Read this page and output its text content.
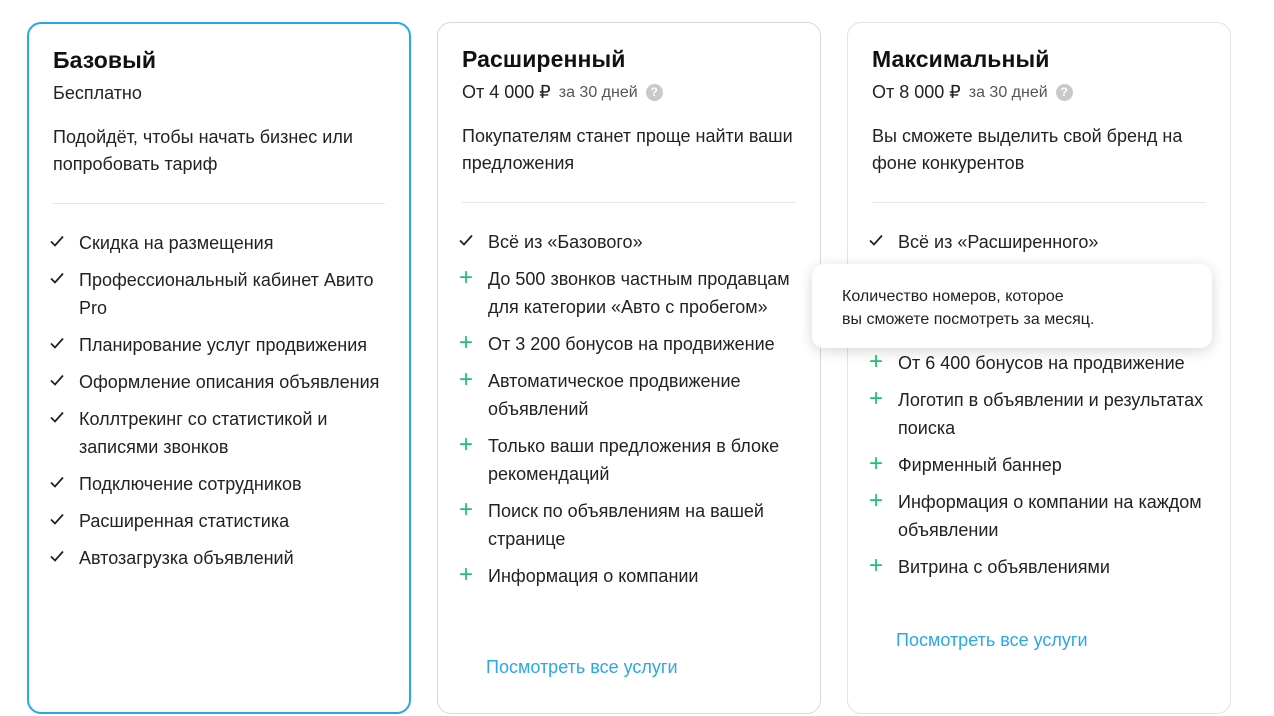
Базовый
Бесплатно
Подойдёт, чтобы начать бизнес или попробовать тариф
Скидка на размещения
Профессиональный кабинет Авито Pro
Планирование услуг продвижения
Оформление описания объявления
Коллтрекинг со статистикой и записями звонков
Подключение сотрудников
Расширенная статистика
Автозагрузка объявлений
Расширенный
От 4 000 ₽ за 30 дней	?
Покупателям станет проще найти ваши предложения
Всё из «Базового»
+ До 500 звонков частным продавцам для категории «Авто с пробегом»
+ От 3 200 бонусов на продвижение
+ Автоматическое продвижение объявлений
+ Только ваши предложения в блоке рекомендаций
+ Поиск по объявлениям на вашей странице
+ Информация о компании
Посмотреть все услуги
Максимальный
От 8 000 ₽ за 30 дней	?
Вы сможете выделить свой бренд на фоне конкурентов
Всё из «Расширенного»
+ От 6 400 бонусов на продвижение
+ Логотип в объявлении и результатах поиска
+ Фирменный баннер
+ Информация о компании на каждом объявлении
+ Витрина с объявлениями
Посмотреть все услуги
Количество номеров, которое
вы сможете посмотреть за месяц.
